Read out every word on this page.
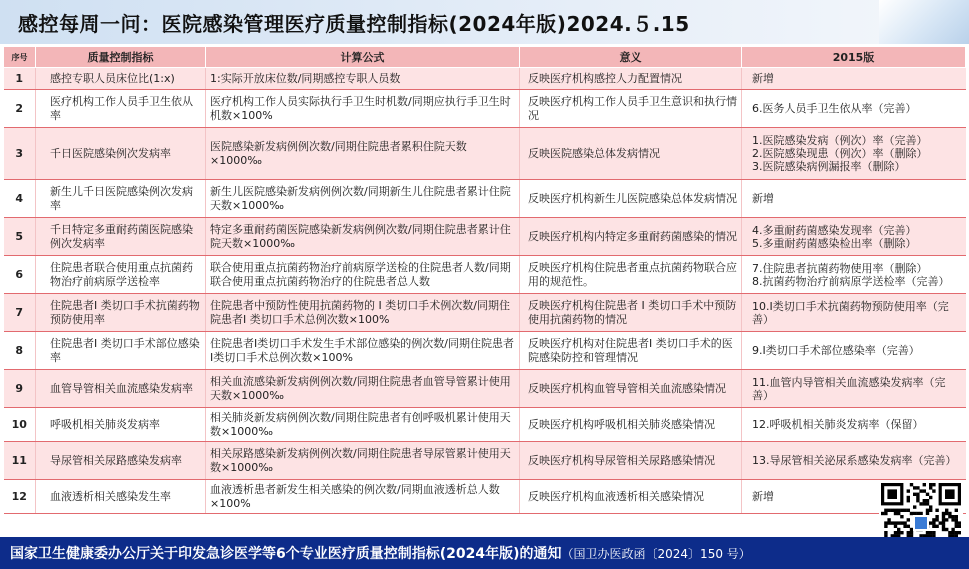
感控每周一问：医院感染管理医疗质量控制指标(2024年版)2024.５.15
序号	质量控制指标	计算公式	意义	2015版
1	感控专职人员床位比(1:x)	1:实际开放床位数/同期感控专职人员数	反映医疗机构感控人力配置情况	新增

2	医疗机构工作人员手卫生依从率	医疗机构工作人员实际执行手卫生时机数/同期应执行手卫生时机数×100%	反映医疗机构工作人员手卫生意识和执行情况	6.医务人员手卫生依从率（完善）

3	千日医院感染例次发病率	医院感染新发病例例次数/同期住院患者累积住院天数×1000‰	反映医院感染总体发病情况	1.医院感染发病（例次）率（完善）
2.医院感染现患（例次）率（删除）
3.医院感染病例漏报率（删除）

4	新生儿千日医院感染例次发病率	新生儿医院感染新发病例例次数/同期新生儿住院患者累计住院天数×1000‰	反映医疗机构新生儿医院感染总体发病情况	新增

5	千日特定多重耐药菌医院感染例次发病率	特定多重耐药菌医院感染新发病例例次数/同期住院患者累计住院天数×1000‰	反映医疗机构内特定多重耐药菌感染的情况	4.多重耐药菌感染发现率（完善）
5.多重耐药菌感染检出率（删除）

6	住院患者联合使用重点抗菌药物治疗前病原学送检率	联合使用重点抗菌药物治疗前病原学送检的住院患者人数/同期联合使用重点抗菌药物治疗的住院患者总人数	反映医疗机构住院患者重点抗菌药物联合应用的规范性。	7.住院患者抗菌药物使用率（删除）
8.抗菌药物治疗前病原学送检率（完善）

7	住院患者I 类切口手术抗菌药物预防使用率	住院患者中预防性使用抗菌药物的 I 类切口手术例次数/同期住院患者I 类切口手术总例次数×100%	反映医疗机构住院患者 I 类切口手术中预防使用抗菌药物的情况	10.I类切口手术抗菌药物预防使用率（完善）

8	住院患者I 类切口手术部位感染率	住院患者I类切口手术发生手术部位感染的例次数/同期住院患者I类切口手术总例次数×100%	反映医疗机构对住院患者I 类切口手术的医院感染防控和管理情况	9.I类切口手术部位感染率（完善）

9	血管导管相关血流感染发病率	相关血流感染新发病例例次数/同期住院患者血管导管累计使用天数×1000‰	反映医疗机构血管导管相关血流感染情况	11.血管内导管相关血流感染发病率（完善）

10	呼吸机相关肺炎发病率	相关肺炎新发病例例次数/同期住院患者有创呼吸机累计使用天数×1000‰	反映医疗机构呼吸机相关肺炎感染情况	12.呼吸机相关肺炎发病率（保留）

11	导尿管相关尿路感染发病率	相关尿路感染新发病例例次数/同期住院患者导尿管累计使用天数×1000‰	反映医疗机构导尿管相关尿路感染情况	13.导尿管相关泌尿系感染发病率（完善）

12	血液透析相关感染发生率	血液透析患者新发生相关感染的例次数/同期血液透析总人数×100%	反映医疗机构血液透析相关感染情况	新增
国家卫生健康委办公厅关于印发急诊医学等6个专业医疗质量控制指标(2024年版)的通知（国卫办医政函〔2024〕150 号）
